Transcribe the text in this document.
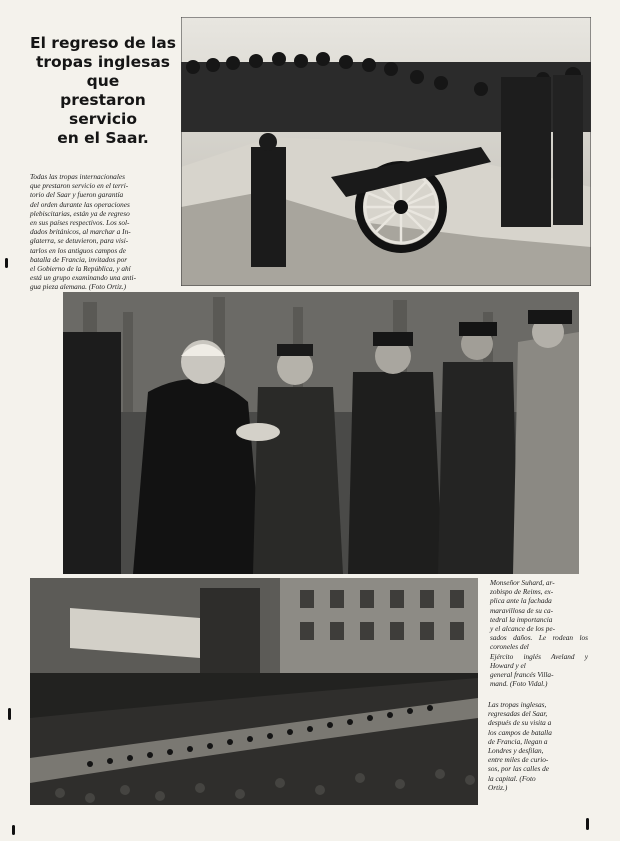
El regreso de las
tropas inglesas que
prestaron servicio
en el Saar.
Todas las tropas internacionales
que prestaron servicio en el terri-
torio del Saar y fueron garantía
del orden durante las operaciones
plebiscitarias, están ya de regreso
en sus países respectivos. Los sol-
dados británicos, al marchar a In-
glaterra, se detuvieron, para visi-
tarlos en los antiguos campos de
batalla de Francia, invitados por
el Gobierno de la República, y ahí
está un grupo examinando una anti-
gua pieza alemana. (Foto Ortiz.)
Monseñor Suhard, ar-
zobispo de Reims, ex-
plica ante la fachada
maravillosa de su ca-
tedral la importancia
y el alcance de los pe-
sados daños. Le rodean los coroneles del
Ejército inglés Aveland y Howard y el
general francés Villa-
mand. (Foto Vidal.)
Las tropas inglesas,
regresadas del Saar,
después de su visita a
los campos de batalla
de Francia, llegan a
Londres y desfilan,
entre miles de curio-
sos, por las calles de
la capital. (Foto
Ortiz.)
